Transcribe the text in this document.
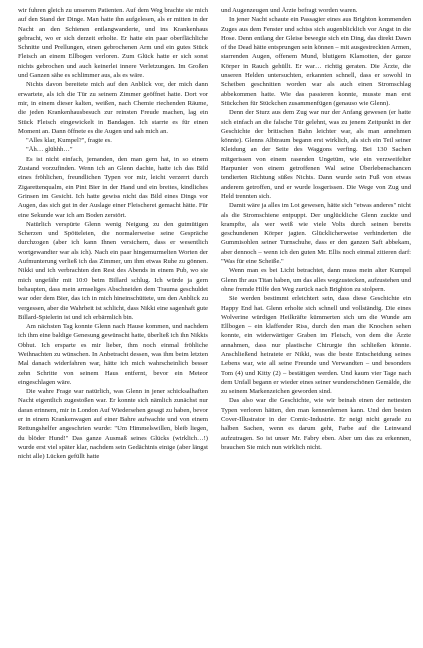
wir fuhren gleich zu unserem Patienten. Auf dem Weg brachte sie mich auf den Stand der Dinge. Man hatte ihn aufgelesen, als er mitten in der Nacht an den Schienen entlangwanderte, und ins Krankenhaus gebracht, wo er sich derzeit erholte. Er hatte ein paar oberflächliche Schnitte und Prellungen, einen gebrochenen Arm und ein gutes Stück Fleisch an einem Ellbogen verloren. Zum Glück hatte er sich sonst nichts gebrochen und auch keinerlei innere Verletzungen. Im Großen und Ganzen sähe es schlimmer aus, als es wäre.

Nichts davon bereitete mich auf den Anblick vor, der mich dann erwartete, als ich die Tür zu seinem Zimmer geöffnet hatte. Dort vor mir, in einem dieser kalten, weißen, nach Chemie riechenden Räume, die jeden Krankenhausbesuch zur reinsten Freude machen, lag ein Stück Fleisch eingewickelt in Bandagen. Ich starrte es für einen Moment an. Dann öffnete es die Augen und sah mich an.

"Alles klar, Kumpel?", fragte es.

"Äh… glühhh…"

Es ist nicht einfach, jemanden, den man gern hat, in so einem Zustand vorzufinden. Wenn ich an Glenn dachte, hatte ich das Bild eines fröhlichen, freundlichen Typen vor mir, leicht verzerrt durch Zigarettenqualm, ein Pint Bier in der Hand und ein breites, kindliches Grinsen im Gesicht. Ich hatte gewiss nicht das Bild eines Dings vor Augen, das sich gut in der Auslage einer Fleischerei gemacht hätte. Für eine Sekunde war ich am Boden zerstört.

Natürlich verspürte Glenn wenig Neigung zu den gutmütigen Scherzen und Spötteleien, die normalerweise seine Gespräche durchzogen (aber ich kann Ihnen versichern, dass er wesentlich wortgewandter war als ich). Nach ein paar hingemurmelten Worten der Aufmunterung verließ ich das Zimmer, um ihm etwas Ruhe zu gönnen. Nikki und ich verbrachten den Rest des Abends in einem Pub, wo sie mich ungefähr mit 10:0 beim Billard schlug. Ich würde ja gern behaupten, dass mein armseliges Abschneiden dem Trauma geschuldet war oder dem Bier, das ich in mich hineinschüttete, um den Anblick zu vergessen, aber die Wahrheit ist schlicht, dass Nikki eine sagenhaft gute Billard-Spielerin ist und ich erbärmlich bin.

Am nächsten Tag konnte Glenn nach Hause kommen, und nachdem ich ihm eine baldige Genesung gewünscht hatte, überließ ich ihn Nikkis Obhut. Ich ersparte es mir lieber, ihm noch einmal fröhliche Weihnachten zu wünschen. In Anbetracht dessen, was ihm beim letzten Mal danach widerfahren war, hätte ich mich wahrscheinlich besser zehn Schritte von seinem Haus entfernt, bevor ein Meteor eingeschlagen wäre.

Die wahre Frage war natürlich, was Glenn in jener schicksalhaften Nacht eigentlich zugestoßen war. Er konnte sich nämlich zunächst nur daran erinnern, mir in London Auf Wiedersehen gesagt zu haben, bevor er in einem Krankenwagen auf einer Bahre aufwachte und von einem Rettungshelfer angeschrien wurde: "Um Himmelswillen, bleib liegen, du blöder Hund!" Das ganze Ausmaß seines Glücks (wirklich…!) wurde erst viel später klar, nachdem sein Gedächtnis einige (aber längst nicht alle) Lücken gefüllt hatte

und Augenzeugen und Ärzte befragt worden waren.

In jener Nacht schaute ein Passagier eines aus Brighton kommenden Zuges aus dem Fenster und schiss sich augenblicklich vor Angst in die Hose. Denn entlang der Gleise bewegte sich ein Ding, das direkt Dawn of the Dead hätte entsprungen sein können – mit ausgestreckten Armen, starrenden Augen, offenem Mund, blutigem Klamotten, der ganze Körper in Rauch gehüllt. Er war… richtig geraten. Die Ärzte, die unseren Helden untersuchten, erkannten schnell, dass er sowohl in Scheiben geschnitten worden war als auch einen Stromschlag abbekommen hatte. Wie das passieren konnte, musste man erst Stückchen für Stückchen zusammenfügen (genauso wie Glenn).

Denn der Sturz aus dem Zug war nur der Anfang gewesen (er hatte sich einfach an die falsche Tür gelehnt, was zu jenem Zeitpunkt in der Geschichte der britischen Bahn leichter war, als man annehmen könnte). Glenns Albtraum begann erst wirklich, als sich ein Teil seiner Kleidung an der Seite des Waggons verfing. Bei 130 Sachen mitgerissen von einem rasenden Ungetüm, wie ein verzweifelter Harpunier von einem getroffenen Wal seine Überlebenschancen tendierten Richtung süßes Nichts. Dann wurde sein Fuß von etwas anderem getroffen, und er wurde losgerissen. Die Wege von Zug und Held trennten sich.

Damit wäre ja alles im Lot gewesen, hätte sich "etwas anderes" nicht als die Stromschiene entpuppt. Der unglückliche Glenn zuckte und krampfte, als wer weiß wie viele Volts durch seinen bereits geschundenen Körper jagten. Glücklicherweise verhinderten die Gummisohlen seiner Turnschuhe, dass er den ganzen Saft abbekam, aber dennoch – wenn ich den guten Mr. Ellis noch einmal zitieren darf: "Was für eine Scheiße."

Wenn man es bei Licht betrachtet, dann muss mein alter Kumpel Glenn Ihr aus Titan haben, um das alles wegzustecken, aufzustehen und ohne fremde Hilfe den Weg zurück nach Brighton zu stolpern.

Sie werden bestimmt erleichtert sein, dass diese Geschichte ein Happy End hat. Glenn erholte sich schnell und vollständig. Die eines Wolverine würdigen Heilkräfte kümmerten sich um die Wunde am Ellbogen – ein klaffender Riss, durch den man die Knochen sehen konnte, ein widerwärtiger Graben im Fleisch, von dem die Ärzte annahmen, dass nur plastische Chirurgie ihn schließen könnte. Anschließend heiratete er Nikki, was die beste Entscheidung seines Lebens war, wie all seine Freunde und Verwandten – und besonders Tom (4) und Kitty (2) – bestätigen werden. Und kaum vier Tage nach dem Unfall begann er wieder eines seiner wunderschönen Gemälde, die zu seinem Markenzeichen geworden sind.

Das also war die Geschichte, wie wir beinah einen der nettesten Typen verloren hätten, den man kennenlernen kann. Und den besten Cover-Illustrator in der Comic-Industrie. Er neigt nicht gerade zu halben Sachen, wenn es darum geht, Farbe auf die Leinwand aufzutragen. So ist unser Mr. Fabry eben. Aber um das zu erkennen, brauchen Sie mich nun wirklich nicht.
